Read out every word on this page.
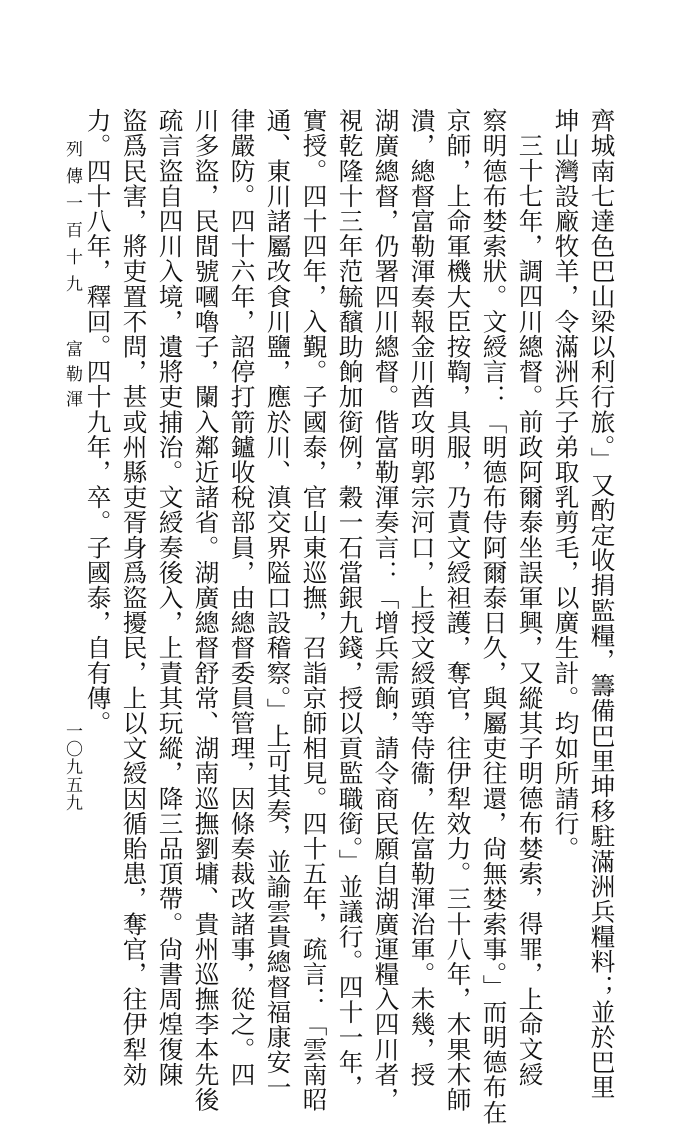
齊城南七達色巴山梁以利行旅。」又酌定收捐監糧，籌備巴里坤移駐滿洲兵糧料；並於巴里
坤山灣設廠牧羊，令滿洲兵子弟取乳剪毛，以廣生計。均如所請行。
三十七年，調四川總督。前政阿爾泰坐誤軍興，又縱其子明德布婪索，得罪，上命文綬
察明德布婪索狀。文綬言：「明德布侍阿爾泰日久，與屬吏往還，尙無婪索事。」而明德布在
京師，上命軍機大臣按鞫，具服，乃責文綬袒護，奪官，往伊犁效力。三十八年，木果木師
潰，總督富勒渾奏報金川酋攻明郭宗河口，上授文綬頭等侍衞，佐富勒渾治軍。未幾，授
湖廣總督，仍署四川總督。偕富勒渾奏言：「增兵需餉，請令商民願自湖廣運糧入四川者，
視乾隆十三年范毓馪助餉加銜例，穀一石當銀九錢，授以貢監職銜。」並議行。四十一年，
實授。四十四年，入覲。子國泰，官山東巡撫，召詣京師相見。四十五年，疏言：「雲南昭
通、東川諸屬改食川鹽，應於川、滇交界隘口設稽察。」上可其奏，並諭雲貴總督福康安一
律嚴防。四十六年，詔停打箭鑪收稅部員，由總督委員管理，因條奏裁改諸事，從之。四
川多盜，民間號嘓嚕子，闌入鄰近諸省。湖廣總督舒常、湖南巡撫劉墉、貴州巡撫李本先後
疏言盜自四川入境，遺將吏捕治。文綬奏後入，上責其玩縱，降三品頂帶。尙書周煌復陳
盜爲民害，將吏置不問，甚或州縣吏胥身爲盜擾民，上以文綬因循貽患，奪官，往伊犁効
力。四十八年，釋回。四十九年，卒。子國泰，自有傳。
列傳一百十九
富勒渾
一〇九五九
